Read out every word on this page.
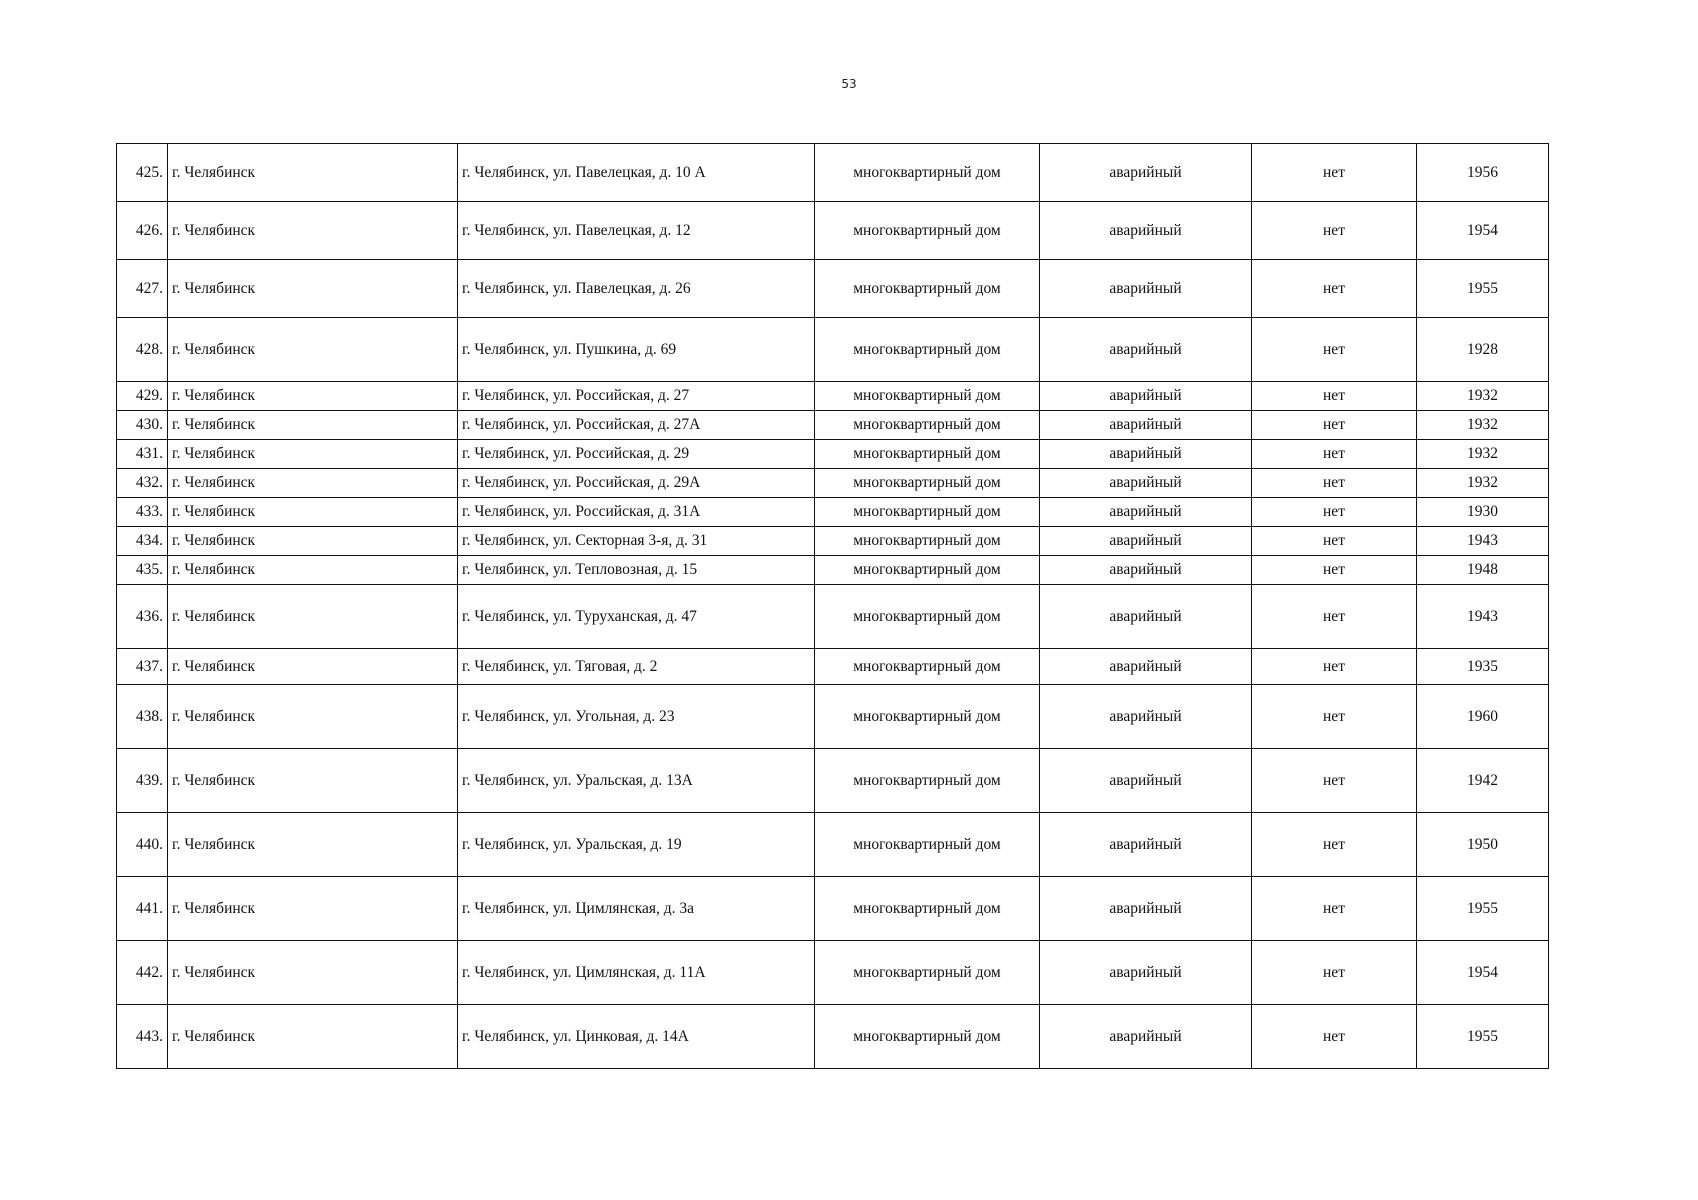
53
425.	г. Челябинск	г. Челябинск, ул. Павелецкая, д. 10 А	многоквартирный дом	аварийный	нет	1956
426.	г. Челябинск	г. Челябинск, ул. Павелецкая, д. 12	многоквартирный дом	аварийный	нет	1954
427.	г. Челябинск	г. Челябинск, ул. Павелецкая, д. 26	многоквартирный дом	аварийный	нет	1955
428.	г. Челябинск	г. Челябинск, ул. Пушкина, д. 69	многоквартирный дом	аварийный	нет	1928
429.	г. Челябинск	г. Челябинск, ул. Российская, д. 27	многоквартирный дом	аварийный	нет	1932
430.	г. Челябинск	г. Челябинск, ул. Российская, д. 27А	многоквартирный дом	аварийный	нет	1932
431.	г. Челябинск	г. Челябинск, ул. Российская, д. 29	многоквартирный дом	аварийный	нет	1932
432.	г. Челябинск	г. Челябинск, ул. Российская, д. 29А	многоквартирный дом	аварийный	нет	1932
433.	г. Челябинск	г. Челябинск, ул. Российская, д. 31А	многоквартирный дом	аварийный	нет	1930
434.	г. Челябинск	г. Челябинск, ул. Секторная 3-я, д. 31	многоквартирный дом	аварийный	нет	1943
435.	г. Челябинск	г. Челябинск, ул. Тепловозная, д. 15	многоквартирный дом	аварийный	нет	1948
436.	г. Челябинск	г. Челябинск, ул. Туруханская, д. 47	многоквартирный дом	аварийный	нет	1943
437.	г. Челябинск	г. Челябинск, ул. Тяговая, д. 2	многоквартирный дом	аварийный	нет	1935
438.	г. Челябинск	г. Челябинск, ул. Угольная, д. 23	многоквартирный дом	аварийный	нет	1960
439.	г. Челябинск	г. Челябинск, ул. Уральская, д. 13А	многоквартирный дом	аварийный	нет	1942
440.	г. Челябинск	г. Челябинск, ул. Уральская, д. 19	многоквартирный дом	аварийный	нет	1950
441.	г. Челябинск	г. Челябинск, ул. Цимлянская, д. 3а	многоквартирный дом	аварийный	нет	1955
442.	г. Челябинск	г. Челябинск, ул. Цимлянская, д. 11А	многоквартирный дом	аварийный	нет	1954
443.	г. Челябинск	г. Челябинск, ул. Цинковая, д. 14А	многоквартирный дом	аварийный	нет	1955
